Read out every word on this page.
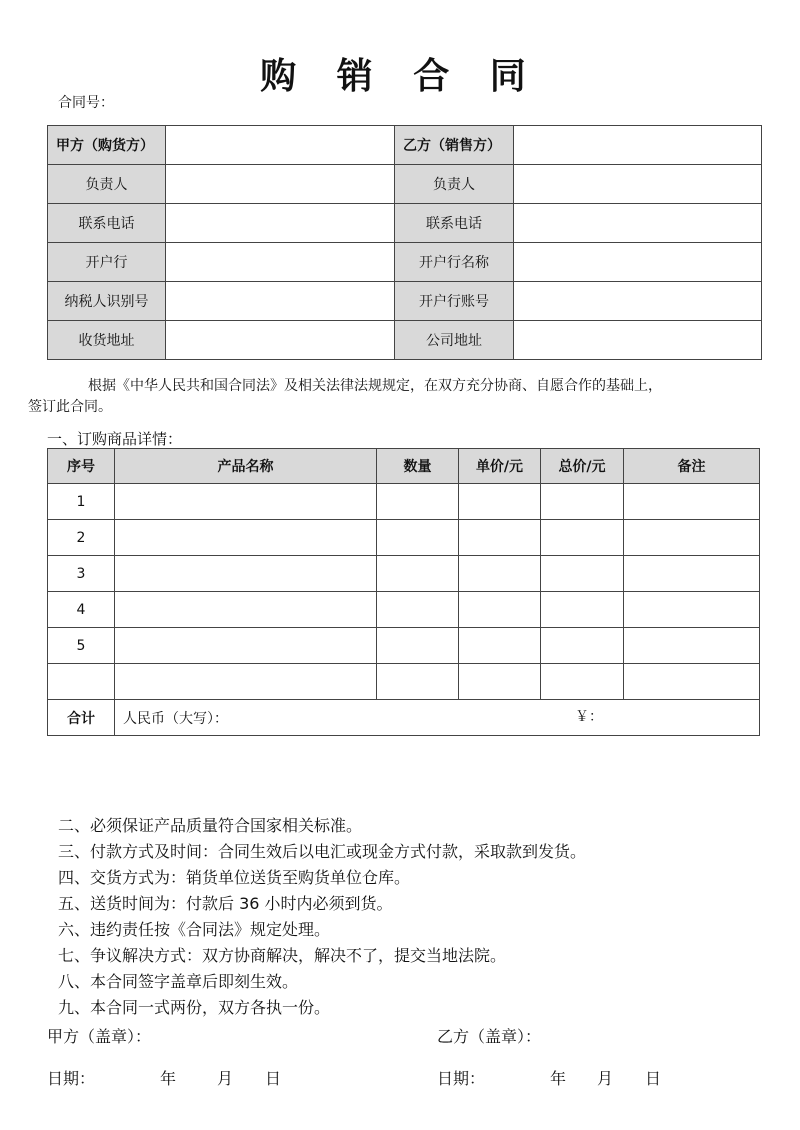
购 销 合 同
合同号：
甲方（购货方）		乙方（销售方）	
负责人		负责人	
联系电话		联系电话	
开户行		开户行名称	
纳税人识别号		开户行账号	
收货地址		公司地址	
根据《中华人民共和国合同法》及相关法律法规规定，在双方充分协商、自愿合作的基础上，
签订此合同。
一、订购商品详情：
序号	产品名称	数量	单价/元	总价/元	备注
1					
2					
3					
4					
5					

合计	人民币（大写）： ￥：				
二、必须保证产品质量符合国家相关标准。
三、付款方式及时间：合同生效后以电汇或现金方式付款，采取款到发货。
四、交货方式为：销货单位送货至购货单位仓库。
五、送货时间为：付款后 36 小时内必须到货。
六、违约责任按《合同法》规定处理。
七、争议解决方式：双方协商解决，解决不了，提交当地法院。
八、本合同签字盖章后即刻生效。
九、本合同一式两份，双方各执一份。
甲方（盖章）：	乙方（盖章）：
日期：	年	月 日	日期：	年 月 日
